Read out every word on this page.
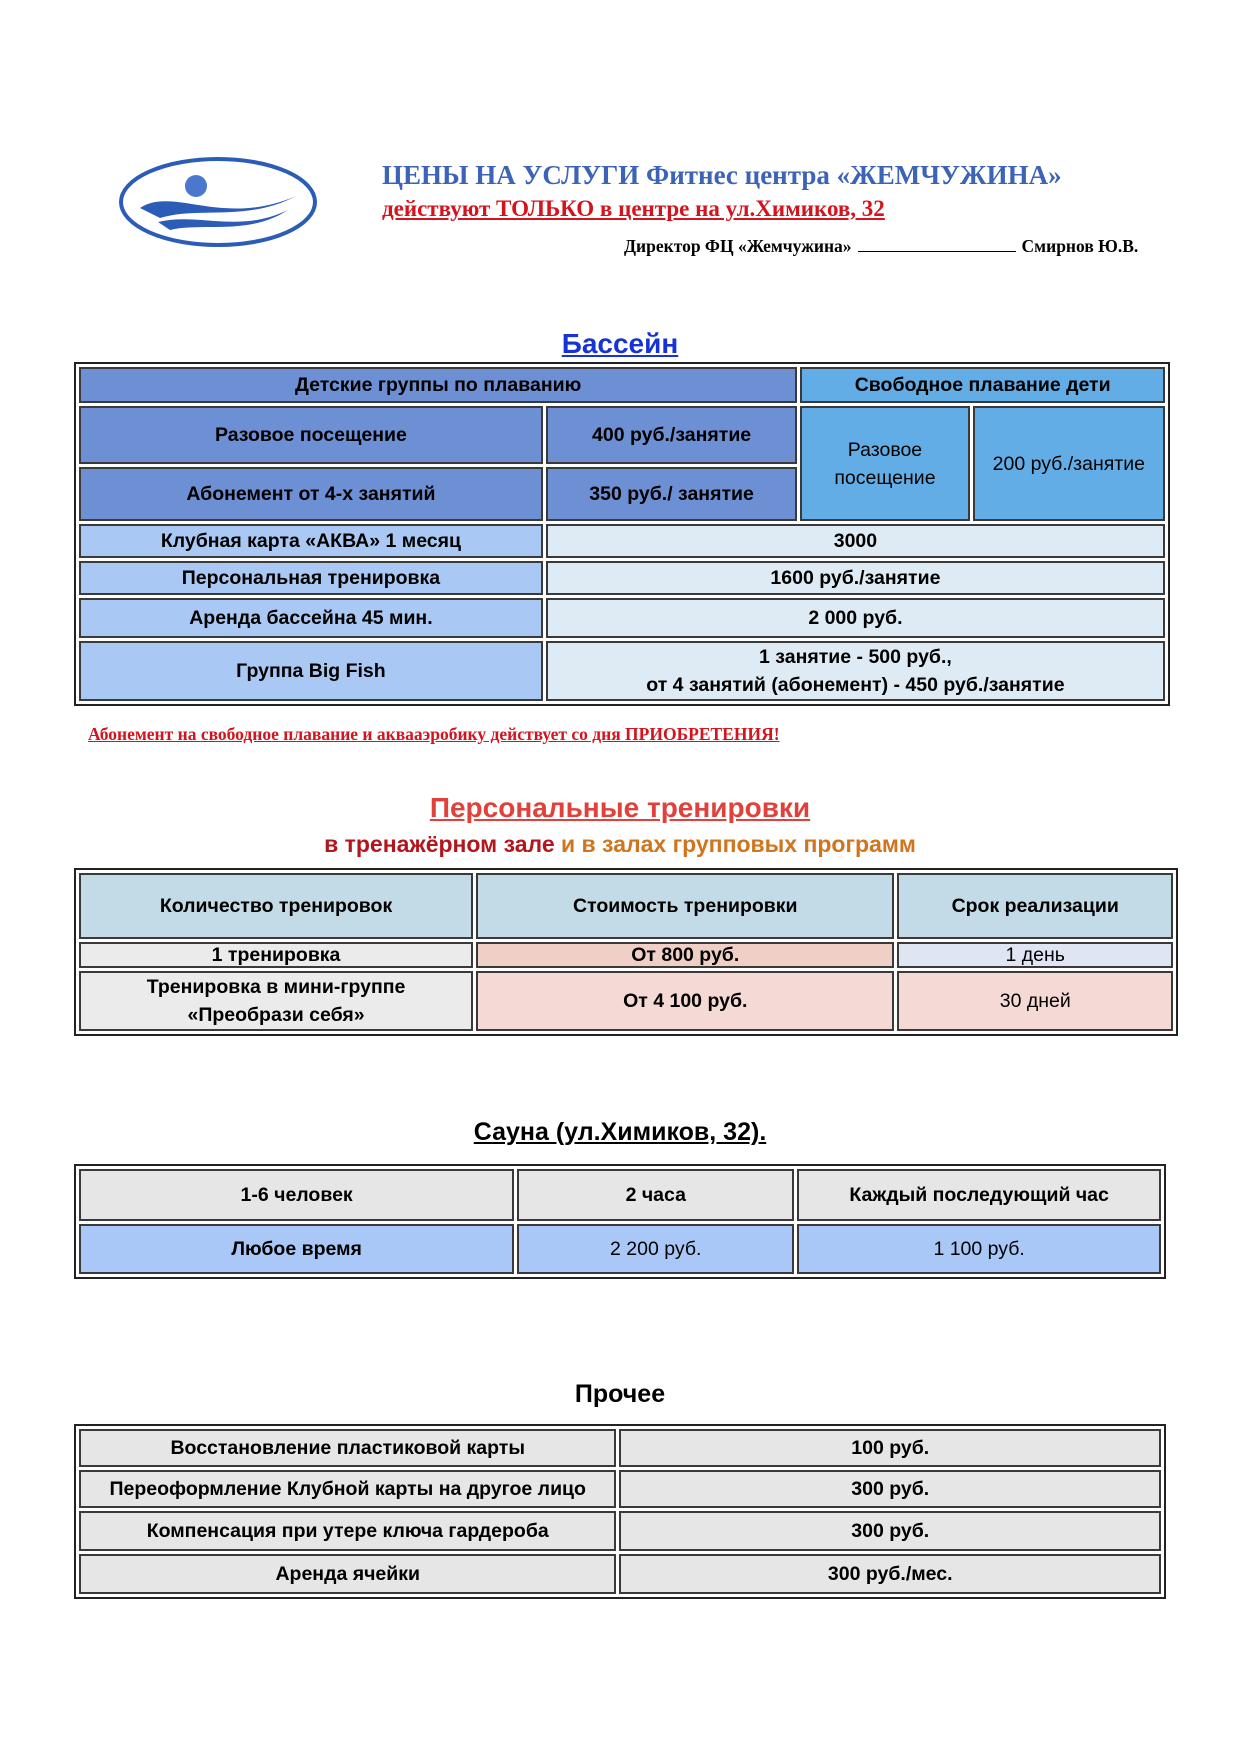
ЦЕНЫ НА УСЛУГИ Фитнес центра «ЖЕМЧУЖИНА»
действуют ТОЛЬКО в центре на ул.Химиков, 32
Директор ФЦ «Жемчужина»	Смирнов Ю.В.
Бассейн
Детские группы по плаванию		Свободное плавание дети	
Разовое посещение	400 руб./занятие	Разовое посещение	200 руб./занятие
Абонемент от 4-х занятий	350 руб./ занятие		
Клубная карта «АКВА» 1 месяц	3000		
Персональная тренировка	1600 руб./занятие		
Аренда бассейна 45 мин.	2 000 руб.		
Группа Big Fish	1 занятие - 500 руб.,
от 4 занятий (абонемент) - 450 руб./занятие		
Абонемент на свободное плавание и аквааэробику действует со дня ПРИОБРЕТЕНИЯ!
Персональные тренировки
в тренажёрном зале и в залах групповых программ
Количество тренировок	Стоимость тренировки	Срок реализации
1 тренировка	От 800 руб.	1 день

Тренировка в мини-группе
«Преобрази себя»	От 4 100 руб.	30 дней
Сауна (ул.Химиков, 32).
1-6 человек	2 часа	Каждый последующий час
Любое время	2 200 руб.	1 100 руб.
Прочее
Восстановление пластиковой карты	100 руб.
Переоформление Клубной карты на другое лицо	300 руб.
Компенсация при утере ключа гардероба	300 руб.
Аренда ячейки	300 руб./мес.
